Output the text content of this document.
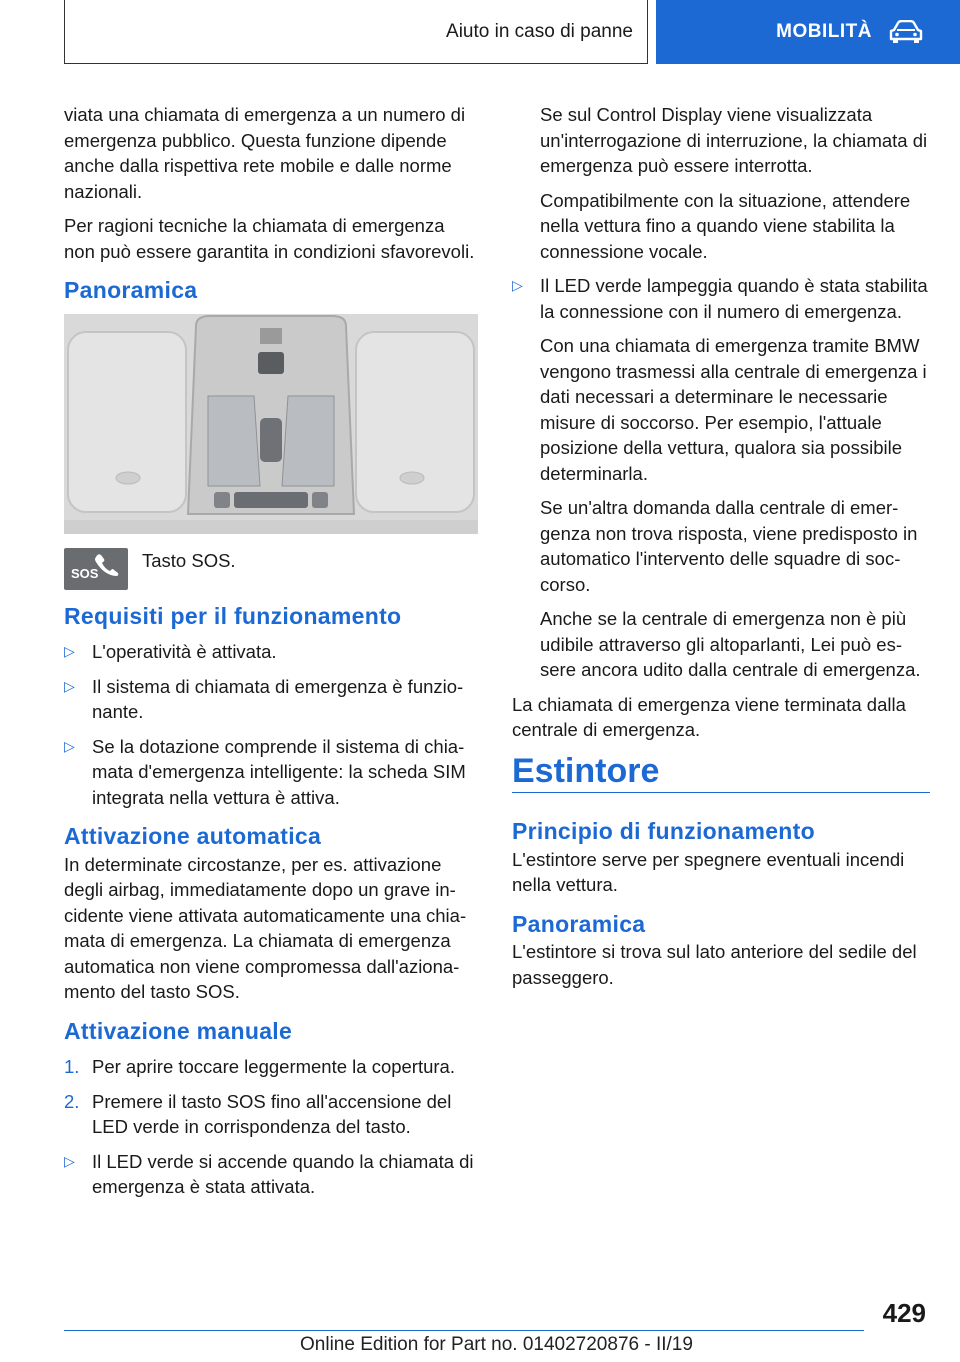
Aiuto in caso di panne	MOBILITÀ

viata una chiamata di emergenza a un numero di emergenza pubblico. Questa funzione dipende anche dalla rispettiva rete mobile e dalle norme nazionali.

Per ragioni tecniche la chiamata di emergenza non può essere garantita in condizioni sfavorevoli.

Panoramica
SOS
Tasto SOS.
Requisiti per il funzionamento
▷ L'operatività è attivata.
▷ Il sistema di chiamata di emergenza è funzionante.
▷ Se la dotazione comprende il sistema di chiamata d'emergenza intelligente: la scheda SIM integrata nella vettura è attiva.
Attivazione automatica

In determinate circostanze, per es. attivazione degli airbag, immediatamente dopo un grave incidente viene attivata automaticamente una chiamata di emergenza. La chiamata di emergenza automatica non viene compromessa dall'azionamento del tasto SOS.

Attivazione manuale
1. Per aprire toccare leggermente la copertura.
2. Premere il tasto SOS fino all'accensione del LED verde in corrispondenza del tasto.
▷ Il LED verde si accende quando la chiamata di emergenza è stata attivata.
Se sul Control Display viene visualizzata un'interrogazione di interruzione, la chiamata di emergenza può essere interrotta.
Compatibilmente con la situazione, attendere nella vettura fino a quando viene stabilita la connessione vocale.
▷ Il LED verde lampeggia quando è stata stabilita la connessione con il numero di emergenza.
Con una chiamata di emergenza tramite BMW vengono trasmessi alla centrale di emergenza i dati necessari a determinare le necessarie misure di soccorso. Per esempio, l'attuale posizione della vettura, qualora sia possibile determinarla.
Se un'altra domanda dalla centrale di emergenza non trova risposta, viene predisposto in automatico l'intervento delle squadre di soccorso.
Anche se la centrale di emergenza non è più udibile attraverso gli altoparlanti, Lei può essere ancora udito dalla centrale di emergenza.

La chiamata di emergenza viene terminata dalla centrale di emergenza.

Estintore
Principio di funzionamento

L'estintore serve per spegnere eventuali incendi nella vettura.

Panoramica

L'estintore si trova sul lato anteriore del sedile del passeggero.

429
Online Edition for Part no. 01402720876 - II/19
